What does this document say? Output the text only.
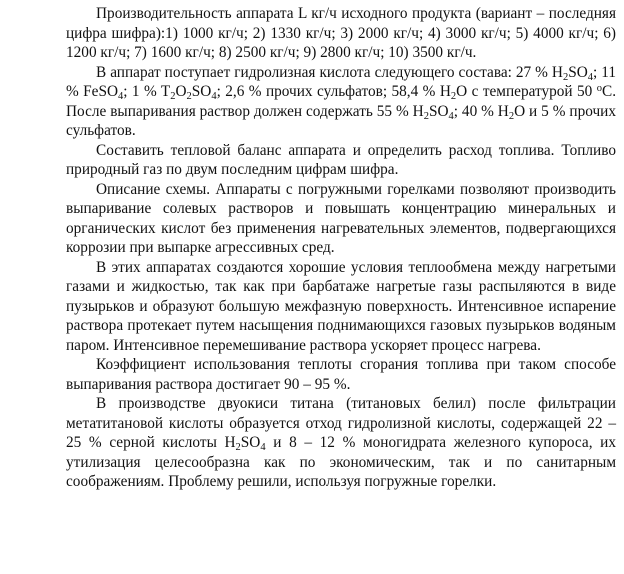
Производительность аппарата L кг/ч исходного продукта (вариант – последняя цифра шифра):1) 1000 кг/ч; 2) 1330 кг/ч; 3) 2000 кг/ч; 4) 3000 кг/ч; 5) 4000 кг/ч; 6) 1200 кг/ч; 7) 1600 кг/ч; 8) 2500 кг/ч; 9) 2800 кг/ч; 10) 3500 кг/ч.

В аппарат поступает гидролизная кислота следующего состава: 27 % $H_2SO_4$; 11 % FeSO$_4$; 1 % $T_2O_2SO_4$; 2,6 % прочих сульфатов; 58,4 % $H_2O$ с температурой 50 $^о$C. После выпаривания раствор должен содержать 55 % $H_2SO_4$; 40 % $H_2O$ и 5 % прочих сульфатов.

Составить тепловой баланс аппарата и определить расход топлива. Топливо природный газ по двум последним цифрам шифра.

Описание схемы. Аппараты с погружными горелками позволяют производить выпаривание солевых растворов и повышать концентрацию минеральных и органических кислот без применения нагревательных элементов, подвергающихся коррозии при выпарке агрессивных сред.

В этих аппаратах создаются хорошие условия теплообмена между нагретыми газами и жидкостью, так как при барбатаже нагретые газы распыляются в виде пузырьков и образуют большую межфазную поверхность. Интенсивное испарение раствора протекает путем насыщения поднимающихся газовых пузырьков водяным паром. Интенсивное перемешивание раствора ускоряет процесс нагрева.

Коэффициент использования теплоты сгорания топлива при таком способе выпаривания раствора достигает 90 – 95 %.

В производстве двуокиси титана (титановых белил) после фильтрации метатитановой кислоты образуется отход гидролизной кислоты, содержащей 22 – 25 % серной кислоты $H_2SO_4$ и 8 – 12 % моногидрата железного купороса, их утилизация целесообразна как по экономическим, так и по санитарным соображениям. Проблему решили, используя погружные горелки.
